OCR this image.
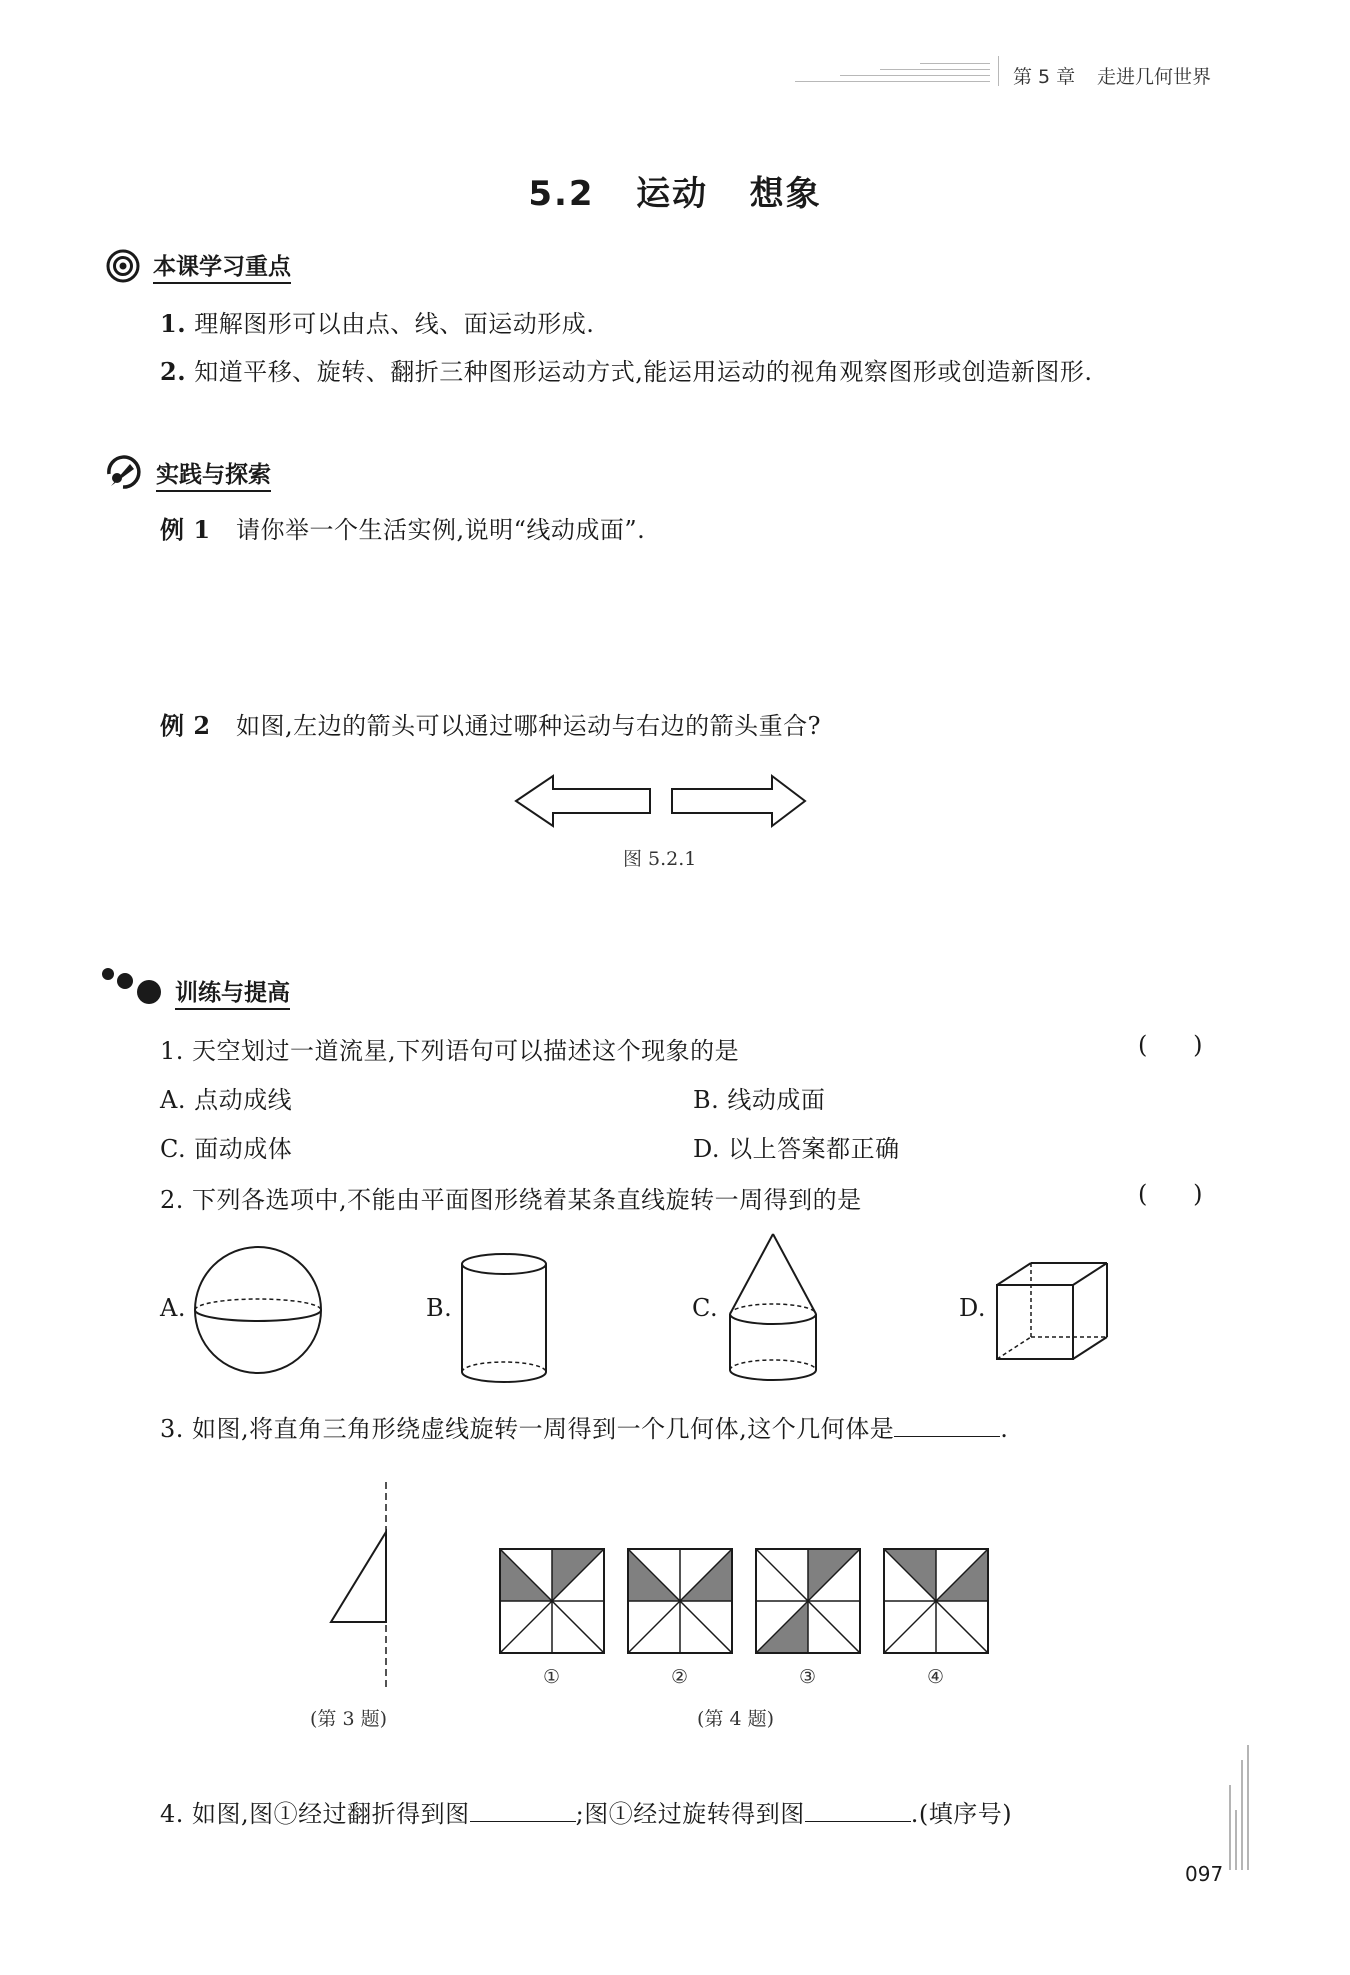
第 5 章 走进几何世界
5.2   运动   想象
本课学习重点
1. 理解图形可以由点、线、面运动形成.
2. 知道平移、旋转、翻折三种图形运动方式,能运用运动的视角观察图形或创造新图形.
实践与探索
例 1 请你举一个生活实例,说明“线动成面”.
例 2 如图,左边的箭头可以通过哪种运动与右边的箭头重合?
图 5.2.1
训练与提高
1. 天空划过一道流星,下列语句可以描述这个现象的是	(      )
A. 点动成线	B. 线动成面
C. 面动成体	D. 以上答案都正确
2. 下列各选项中,不能由平面图形绕着某条直线旋转一周得到的是	(      )
A.	B.	C.	D.
3. 如图,将直角三角形绕虚线旋转一周得到一个几何体,这个几何体是	.
(第 3 题)
①	②	③	④
(第 4 题)
4. 如图,图①经过翻折得到图	;图①经过旋转得到图	.(填序号)
097
